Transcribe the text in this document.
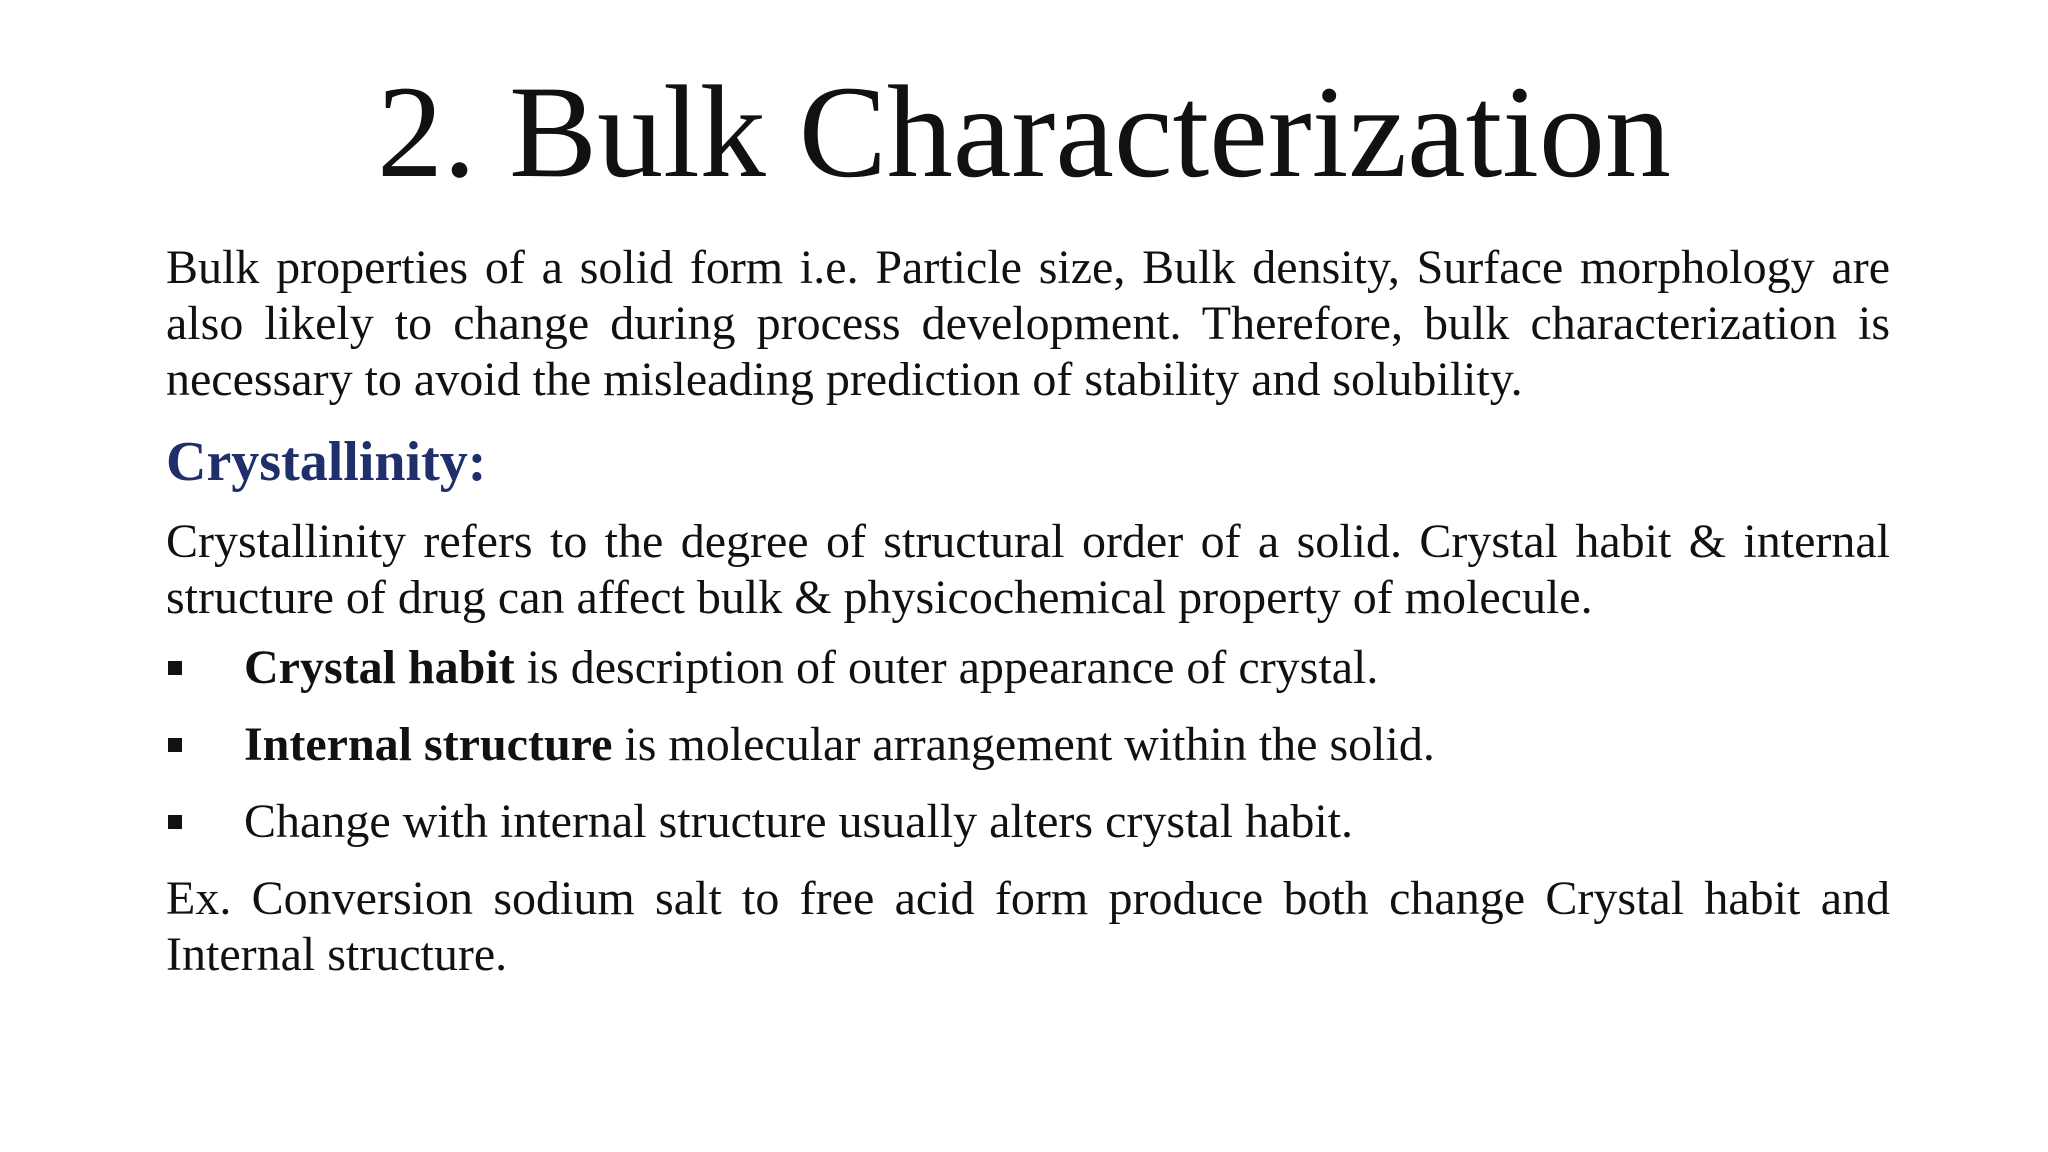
2. Bulk Characterization

Bulk properties of a solid form i.e. Particle size, Bulk density, Surface morphology are also likely to change during process development. Therefore, bulk characterization is necessary to avoid the misleading prediction of stability and solubility.

Crystallinity:

Crystallinity refers to the degree of structural order of a solid. Crystal habit & internal structure of drug can affect bulk & physicochemical property of molecule.

Crystal habit is description of outer appearance of crystal.
Internal structure is molecular arrangement within the solid.
Change with internal structure usually alters crystal habit.

Ex. Conversion sodium salt to free acid form produce both change Crystal habit and Internal structure.
